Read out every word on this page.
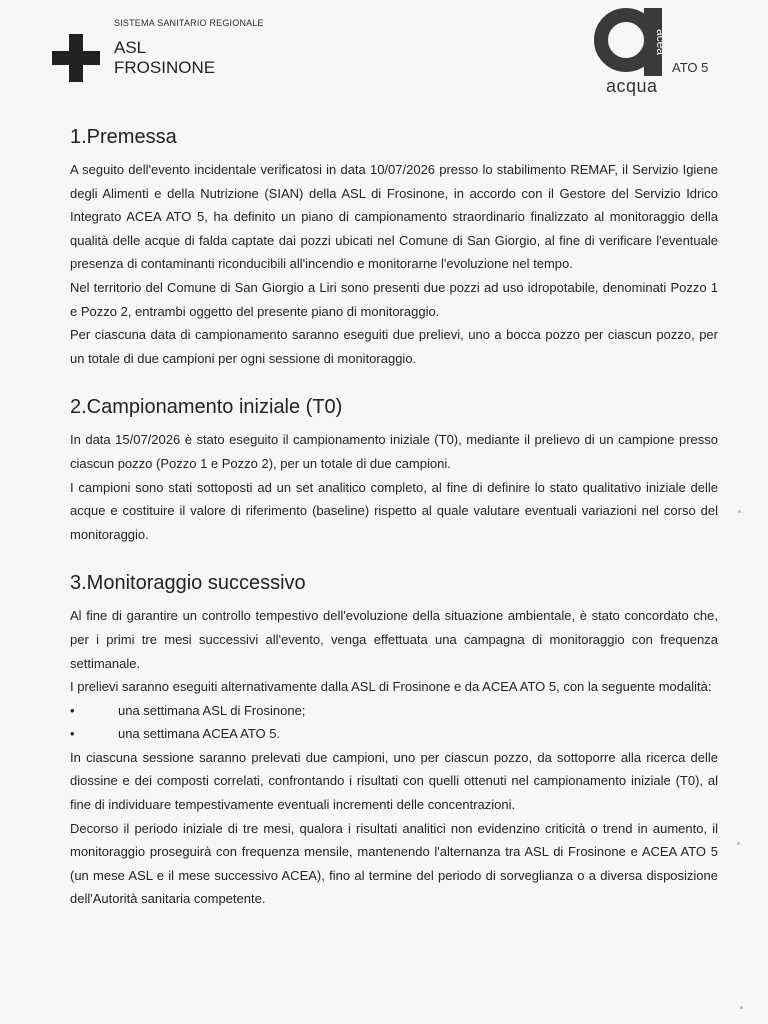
SISTEMA SANITARIO REGIONALE
ASL
FROSINONE
acea
ATO 5
acqua
1.Premessa

A seguito dell'evento incidentale verificatosi in data 10/07/2026 presso lo stabilimento REMAF, il Servizio Igiene degli Alimenti e della Nutrizione (SIAN) della ASL di Frosinone, in accordo con il Gestore del Servizio Idrico Integrato ACEA ATO 5, ha definito un piano di campionamento straordinario finalizzato al monitoraggio della qualità delle acque di falda captate dai pozzi ubicati nel Comune di San Giorgio, al fine di verificare l'eventuale presenza di contaminanti riconducibili all'incendio e monitorarne l'evoluzione nel tempo.

Nel territorio del Comune di San Giorgio a Liri sono presenti due pozzi ad uso idropotabile, denominati Pozzo 1 e Pozzo 2, entrambi oggetto del presente piano di monitoraggio.

Per ciascuna data di campionamento saranno eseguiti due prelievi, uno a bocca pozzo per ciascun pozzo, per un totale di due campioni per ogni sessione di monitoraggio.

2.Campionamento iniziale (T0)

In data 15/07/2026 è stato eseguito il campionamento iniziale (T0), mediante il prelievo di un campione presso ciascun pozzo (Pozzo 1 e Pozzo 2), per un totale di due campioni.

I campioni sono stati sottoposti ad un set analitico completo, al fine di definire lo stato qualitativo iniziale delle acque e costituire il valore di riferimento (baseline) rispetto al quale valutare eventuali variazioni nel corso del monitoraggio.

3.Monitoraggio successivo

Al fine di garantire un controllo tempestivo dell'evoluzione della situazione ambientale, è stato concordato che, per i primi tre mesi successivi all'evento, venga effettuata una campagna di monitoraggio con frequenza settimanale.

I prelievi saranno eseguiti alternativamente dalla ASL di Frosinone e da ACEA ATO 5, con la seguente modalità:

•	una settimana ASL di Frosinone;
•	una settimana ACEA ATO 5.

In ciascuna sessione saranno prelevati due campioni, uno per ciascun pozzo, da sottoporre alla ricerca delle diossine e dei composti correlati, confrontando i risultati con quelli ottenuti nel campionamento iniziale (T0), al fine di individuare tempestivamente eventuali incrementi delle concentrazioni.

Decorso il periodo iniziale di tre mesi, qualora i risultati analitici non evidenzino criticità o trend in aumento, il monitoraggio proseguirà con frequenza mensile, mantenendo l'alternanza tra ASL di Frosinone e ACEA ATO 5 (un mese ASL e il mese successivo ACEA), fino al termine del periodo di sorveglianza o a diversa disposizione dell'Autorità sanitaria competente.
